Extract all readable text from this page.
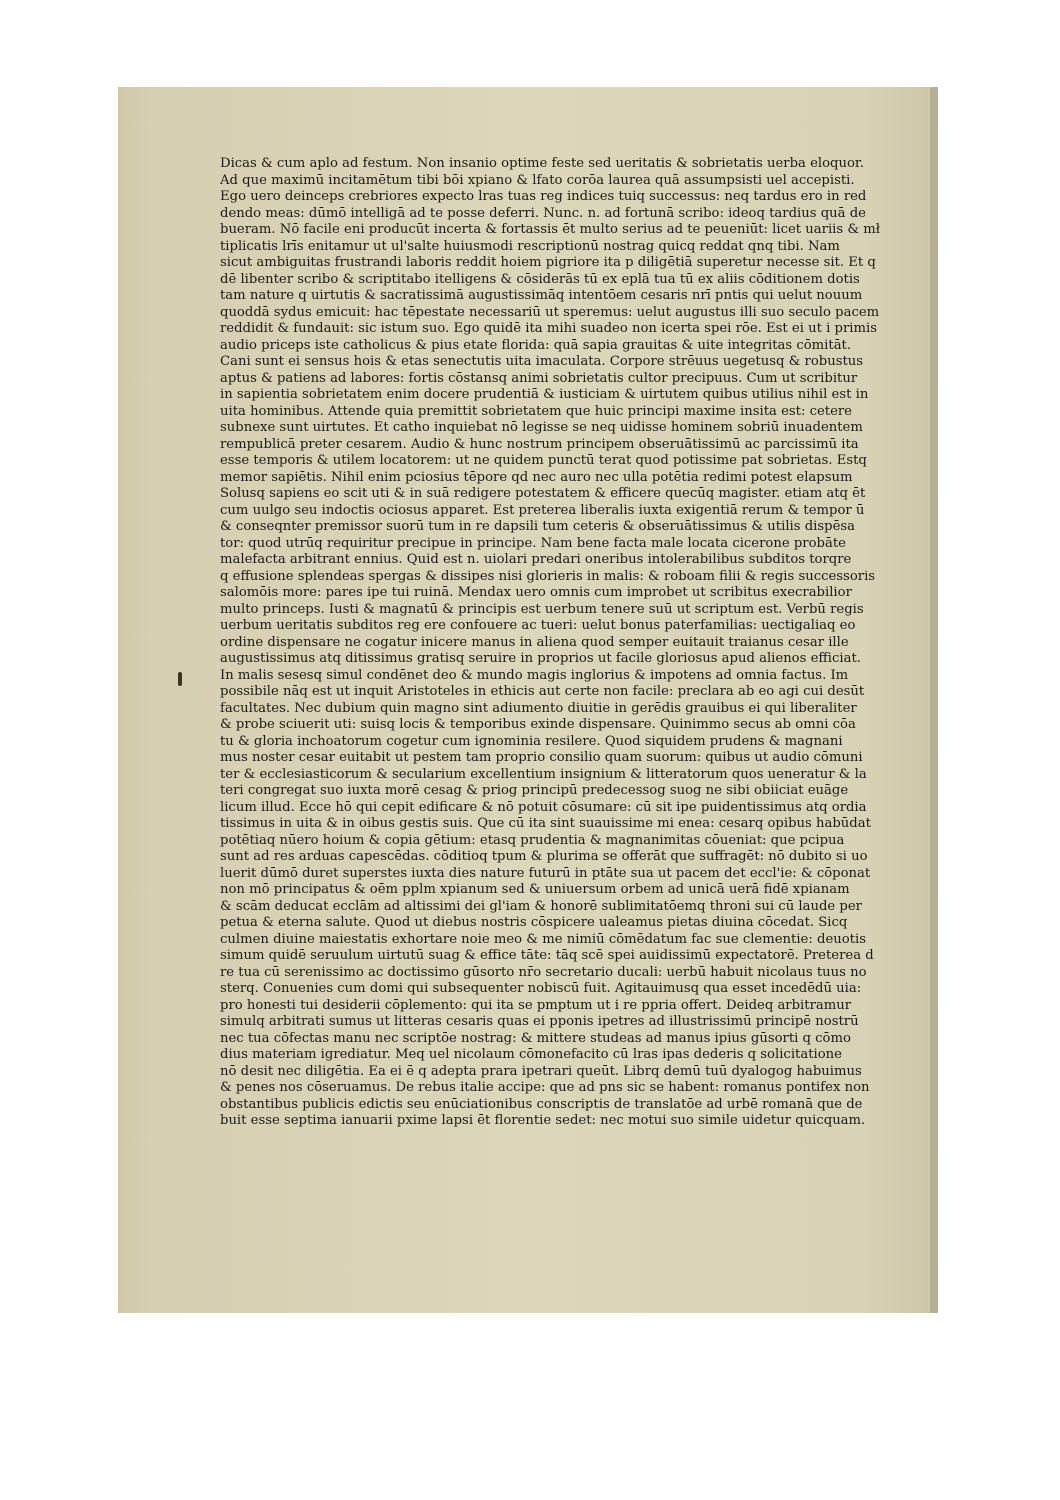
Dicas & cum aplo ad festum. Non insanio optime feste sed ueritatis & sobrietatis uerba eloquor.
Ad que maximū incitamētum tibi bōi xpiano & lfato corōa laurea quā assumpsisti uel accepisti.
Ego uero deinceps crebriores expecto lras tuas reg indices tuiq successus: neq tardus ero in red
dendo meas: dūmō intelligā ad te posse deferri. Nunc. n. ad fortunā scribo: ideoq tardius quā de
bueram. Nō facile eni producūt incerta & fortassis ēt multo serius ad te peueniūt: licet uariis & mł
tiplicatis lrīs enitamur ut ul'salte huiusmodi rescriptionū nostrag quicq reddat qnq tibi. Nam
sicut ambiguitas frustrandi laboris reddit hoiem pigriore ita p diligētiā superetur necesse sit. Et q
dē libenter scribo & scriptitabo itelligens & cōsiderās tū ex eplā tua tū ex aliis cōditionem dotis
tam nature q uirtutis & sacratissimā augustissimāq intentōem cesaris nrī pntis qui uelut nouum
quoddā sydus emicuit: hac tēpestate necessariū ut speremus: uelut augustus illi suo seculo pacem
reddidit & fundauit: sic istum suo. Ego quidē ita mihi suadeo non icerta spei rōe. Est ei ut i primis
audio priceps iste catholicus & pius etate florida: quā sapia grauitas & uite integritas cōmitāt.
Cani sunt ei sensus hois & etas senectutis uita imaculata. Corpore strēuus uegetusq & robustus
aptus & patiens ad labores: fortis cōstansq animi sobrietatis cultor precipuus. Cum ut scribitur
in sapientia sobrietatem enim docere prudentiā & iusticiam & uirtutem quibus utilius nihil est in
uita hominibus. Attende quia premittit sobrietatem que huic principi maxime insita est: cetere
subnexe sunt uirtutes. Et catho inquiebat nō legisse se neq uidisse hominem sobriū inuadentem
rempublicā preter cesarem. Audio & hunc nostrum principem obseruātissimū ac parcissimū ita
esse temporis & utilem locatorem: ut ne quidem punctū terat quod potissime pat sobrietas. Estq
memor sapiētis. Nihil enim pciosius tēpore qd nec auro nec ulla potētia redimi potest elapsum
Solusq sapiens eo scit uti & in suā redigere potestatem & efficere quecūq magister. etiam atq ēt
cum uulgo seu indoctis ociosus apparet. Est preterea liberalis iuxta exigentiā rerum & tempor ū
& conseqnter premissor suorū tum in re dapsili tum ceteris & obseruātissimus & utilis dispēsa
tor: quod utrūq requiritur precipue in principe. Nam bene facta male locata cicerone probāte
malefacta arbitrant ennius. Quid est n. uiolari predari oneribus intolerabilibus subditos torqre
q effusione splendeas spergas & dissipes nisi glorieris in malis: & roboam filii & regis successoris
salomōis more: pares ipe tui ruinā. Mendax uero omnis cum improbet ut scribitus execrabilior
multo princeps. Iusti & magnatū & principis est uerbum tenere suū ut scriptum est. Verbū regis
uerbum ueritatis subditos reg ere confouere ac tueri: uelut bonus paterfamilias: uectigaliaq eo
ordine dispensare ne cogatur inicere manus in aliena quod semper euitauit traianus cesar ille
augustissimus atq ditissimus gratisq seruire in proprios ut facile gloriosus apud alienos efficiat.
In malis sesesq simul condēnet deo & mundo magis inglorius & impotens ad omnia factus. Im
possibile nāq est ut inquit Aristoteles in ethicis aut certe non facile: preclara ab eo agi cui desūt
facultates. Nec dubium quin magno sint adiumento diuitie in gerēdis grauibus ei qui liberaliter
& probe sciuerit uti: suisq locis & temporibus exinde dispensare. Quinimmo secus ab omni cōa
tu & gloria inchoatorum cogetur cum ignominia resilere. Quod siquidem prudens & magnani
mus noster cesar euitabit ut pestem tam proprio consilio quam suorum: quibus ut audio cōmuni
ter & ecclesiasticorum & secularium excellentium insignium & litteratorum quos ueneratur & la
teri congregat suo iuxta morē cesag & priog principū predecessog suog ne sibi obiiciat euāge
licum illud. Ecce hō qui cepit edificare & nō potuit cōsumare: cū sit ipe puidentissimus atq ordia
tissimus in uita & in oibus gestis suis. Que cū ita sint suauissime mi enea: cesarq opibus habūdat
potētiaq nūero hoium & copia gētium: etasq prudentia & magnanimitas cōueniat: que pcipua
sunt ad res arduas capescēdas. cōditioq tpum & plurima se offerāt que suffragēt: nō dubito si uo
luerit dūmō duret superstes iuxta dies nature futurū in ptāte sua ut pacem det eccl'ie: & cōponat
non mō principatus & oēm pplm xpianum sed & uniuersum orbem ad unicā uerā fidē xpianam
& scām deducat ecclām ad altissimi dei gl'iam & honorē sublimitatōemq throni sui cū laude per
petua & eterna salute. Quod ut diebus nostris cōspicere ualeamus pietas diuina cōcedat. Sicq
culmen diuine maiestatis exhortare noie meo & me nimiū cōmēdatum fac sue clementie: deuotis
simum quidē seruulum uirtutū suag & effice tāte: tāq scē spei auidissimū expectatorē. Preterea d
re tua cū serenissimo ac doctissimo gūsorto nr̄o secretario ducali: uerbū habuit nicolaus tuus no
sterq. Conuenies cum domi qui subsequenter nobiscū fuit. Agitauimusq qua esset incedēdū uia:
pro honesti tui desiderii cōplemento: qui ita se pmptum ut i re ppria offert. Deideq arbitramur
simulq arbitrati sumus ut litteras cesaris quas ei pponis ipetres ad illustrissimū principē nostrū
nec tua cōfectas manu nec scriptōe nostrag: & mittere studeas ad manus ipius gūsorti q cōmo
dius materiam igrediatur. Meq uel nicolaum cōmonefacito cū lras ipas dederis q solicitatione
nō desit nec diligētia. Ea ei ē q adepta prara ipetrari queūt. Librq demū tuū dyalogog habuimus
& penes nos cōseruamus. De rebus italie accipe: que ad pns sic se habent: romanus pontifex non
obstantibus publicis edictis seu enūciationibus conscriptis de translatōe ad urbē romanā que de
buit esse septima ianuarii pxime lapsi ēt florentie sedet: nec motui suo simile uidetur quicquam.
